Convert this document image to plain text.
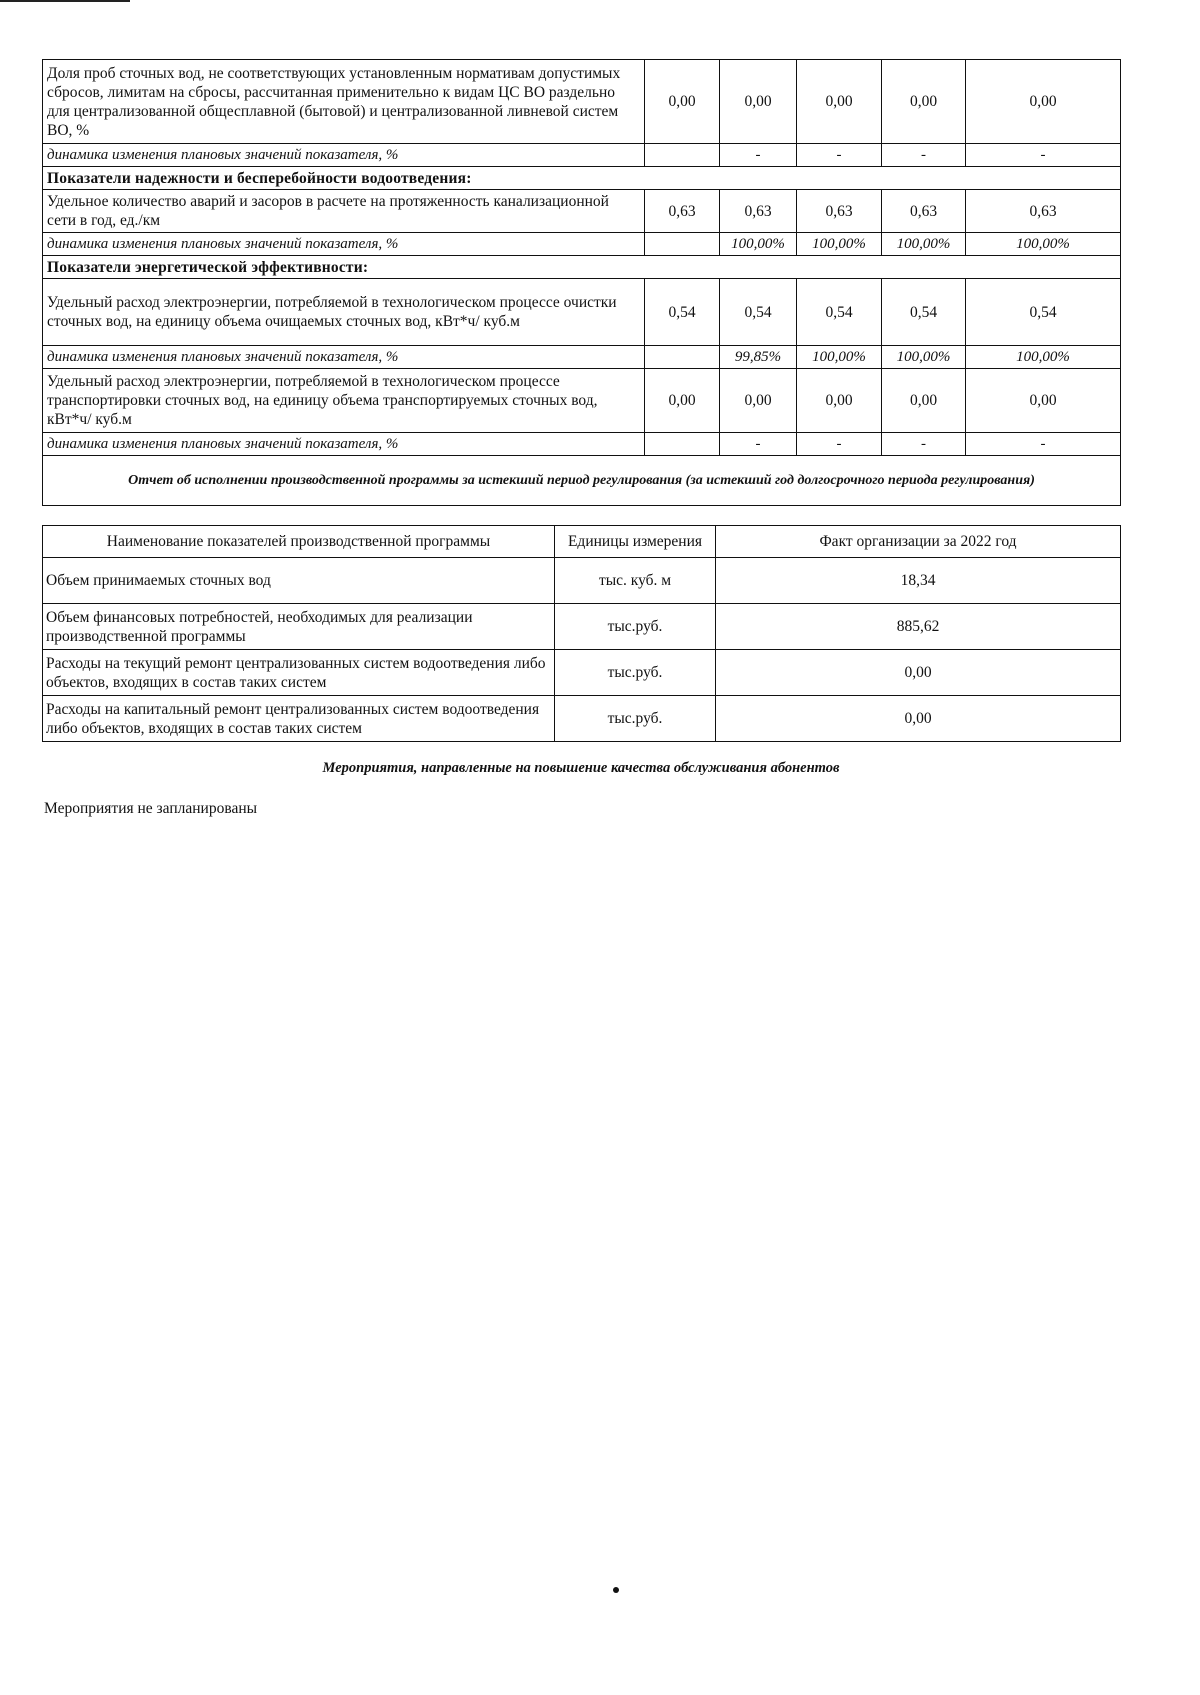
Доля проб сточных вод, не соответствующих установленным нормативам допустимых сбросов, лимитам на сбросы, рассчитанная применительно к видам ЦС ВО раздельно для централизованной общесплавной (бытовой) и централизованной ливневой систем ВО, %	0,00	0,00	0,00	0,00	0,00
динамика изменения плановых значений показателя, %		-	-	-	-
Показатели надежности и бесперебойности водоотведения:					
Удельное количество аварий и засоров в расчете на протяженность канализационной сети в год, ед./км	0,63	0,63	0,63	0,63	0,63
динамика изменения плановых значений показателя, %		100,00%	100,00%	100,00%	100,00%
Показатели энергетической эффективности:					
Удельный расход электроэнергии, потребляемой в технологическом процессе очистки сточных вод, на единицу объема очищаемых сточных вод, кВт*ч/ куб.м	0,54	0,54	0,54	0,54	0,54
динамика изменения плановых значений показателя, %		99,85%	100,00%	100,00%	100,00%
Удельный расход электроэнергии, потребляемой в технологическом процессе транспортировки сточных вод, на единицу объема транспортируемых сточных вод, кВт*ч/ куб.м	0,00	0,00	0,00	0,00	0,00
динамика изменения плановых значений показателя, %		-	-	-	-
Отчет об исполнении производственной программы за истекший период регулирования (за истекший год долгосрочного периода регулирования)					
Наименование показателей производственной программы	Единицы измерения	Факт организации за 2022 год
Объем принимаемых сточных вод	тыс. куб. м	18,34
Объем финансовых потребностей, необходимых для реализации производственной программы	тыс.руб.	885,62
Расходы на текущий ремонт централизованных систем водоотведения либо объектов, входящих в состав таких систем	тыс.руб.	0,00
Расходы на капитальный ремонт централизованных систем водоотведения либо объектов, входящих в состав таких систем	тыс.руб.	0,00
Мероприятия, направленные на повышение качества обслуживания абонентов
Мероприятия не запланированы
